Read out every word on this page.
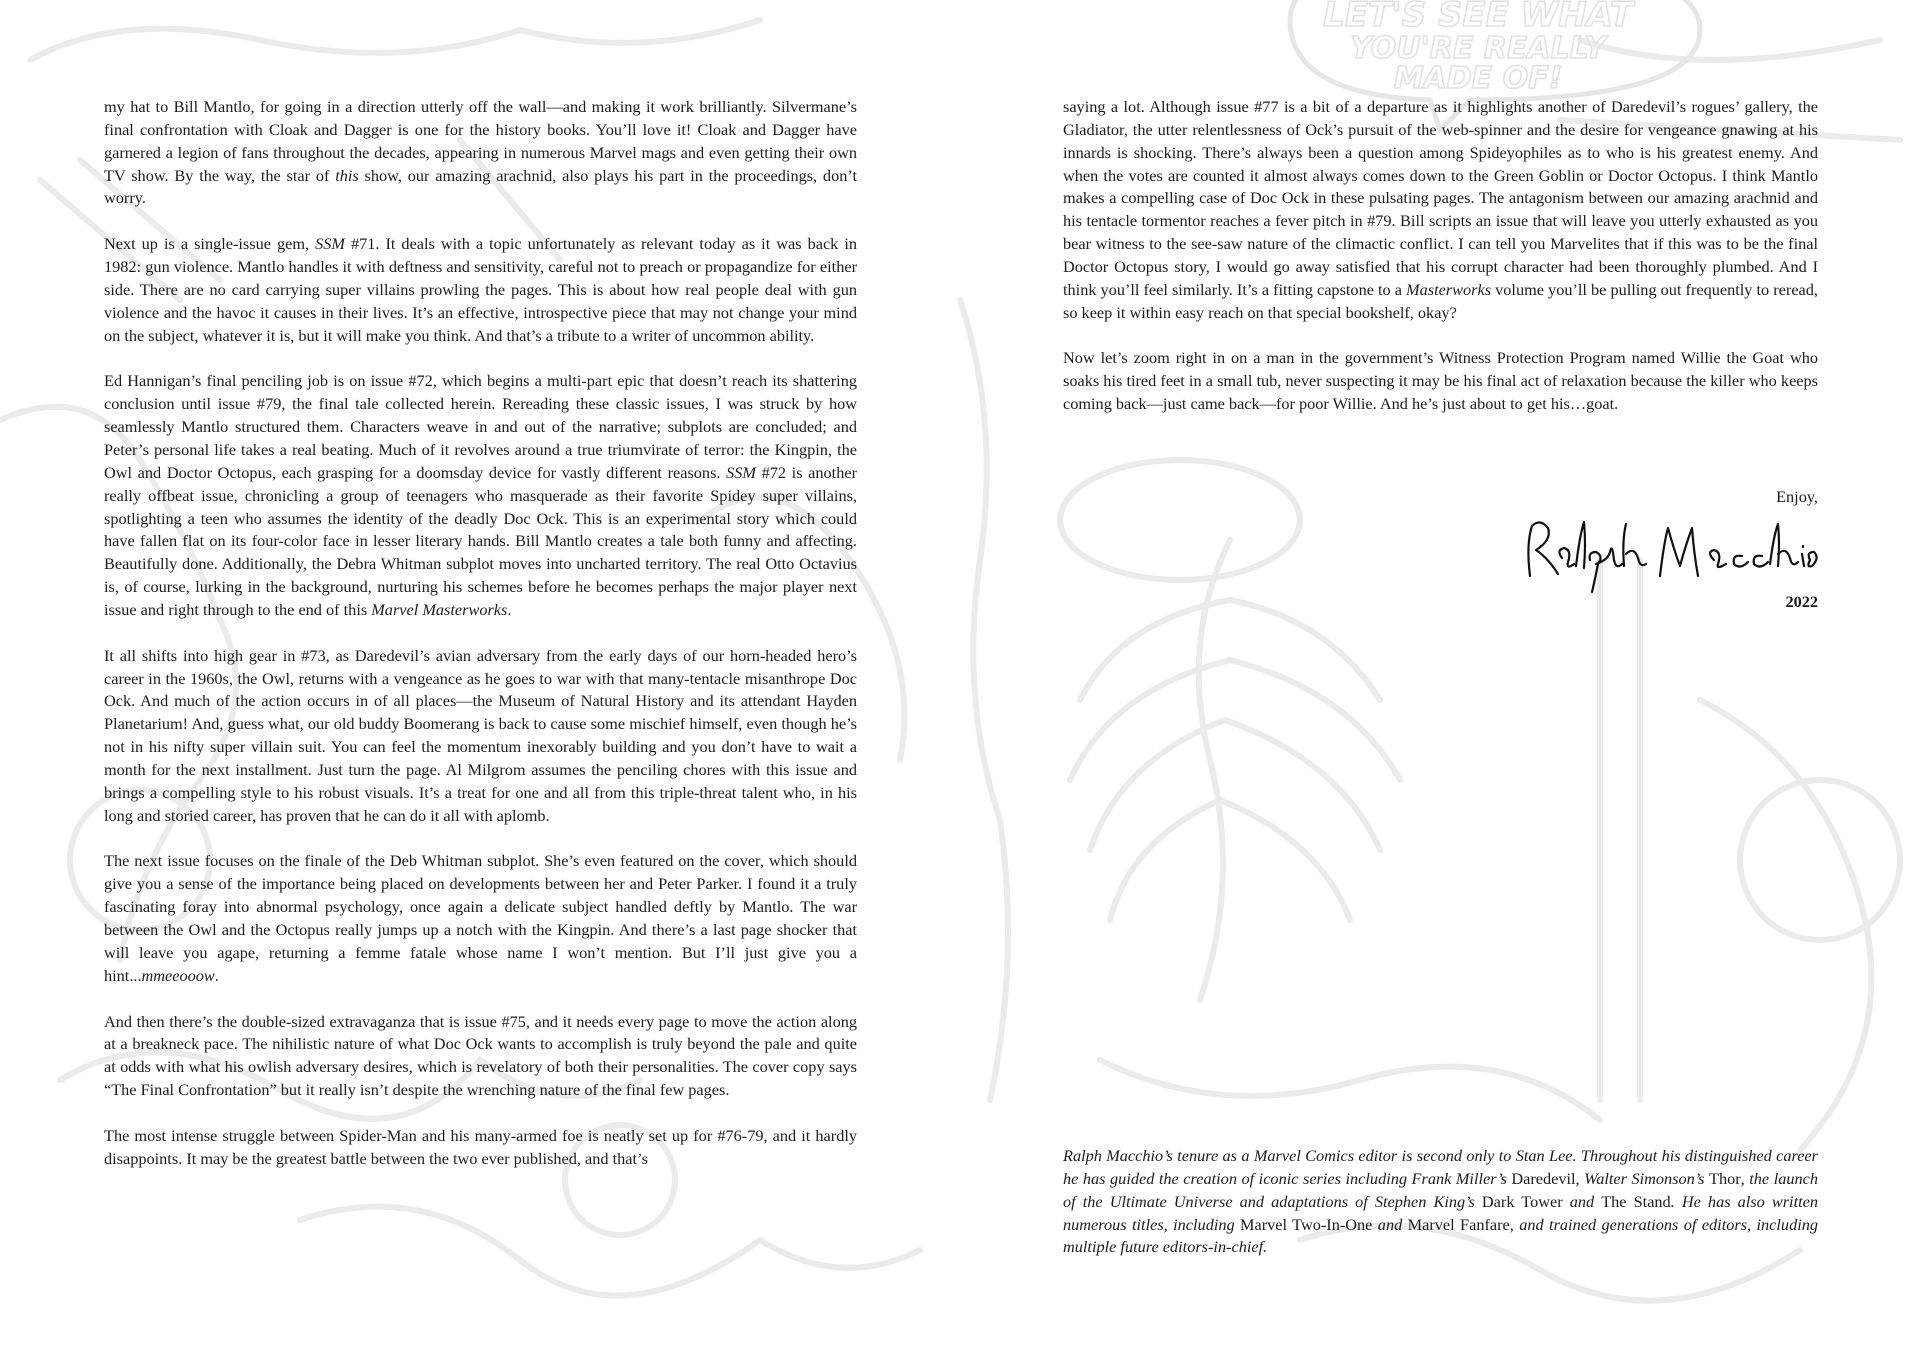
LET'S SEE WHAT
YOU'RE REALLY
MADE OF!

my hat to Bill Mantlo, for going in a direction utterly off the wall—and making it work brilliantly. Silvermane’s final confrontation with Cloak and Dagger is one for the history books. You’ll love it! Cloak and Dagger have garnered a legion of fans throughout the decades, appearing in numerous Marvel mags and even getting their own TV show. By the way, the star of this show, our amazing arachnid, also plays his part in the proceedings, don’t worry.

Next up is a single-issue gem, SSM #71. It deals with a topic unfortunately as relevant today as it was back in 1982: gun violence. Mantlo handles it with deftness and sensitivity, careful not to preach or propagandize for either side. There are no card carrying super villains prowling the pages. This is about how real people deal with gun violence and the havoc it causes in their lives. It’s an effective, introspective piece that may not change your mind on the subject, whatever it is, but it will make you think. And that’s a tribute to a writer of uncommon ability.

Ed Hannigan’s final penciling job is on issue #72, which begins a multi-part epic that doesn’t reach its shattering conclusion until issue #79, the final tale collected herein. Rereading these classic issues, I was struck by how seamlessly Mantlo structured them. Characters weave in and out of the narrative; subplots are concluded; and Peter’s personal life takes a real beating. Much of it revolves around a true triumvirate of terror: the Kingpin, the Owl and Doctor Octopus, each grasping for a doomsday device for vastly different reasons. SSM #72 is another really offbeat issue, chronicling a group of teenagers who masquerade as their favorite Spidey super villains, spotlighting a teen who assumes the identity of the deadly Doc Ock. This is an experimental story which could have fallen flat on its four-color face in lesser literary hands. Bill Mantlo creates a tale both funny and affecting. Beautifully done. Additionally, the Debra Whitman subplot moves into uncharted territory. The real Otto Octavius is, of course, lurking in the background, nurturing his schemes before he becomes perhaps the major player next issue and right through to the end of this Marvel Masterworks.

It all shifts into high gear in #73, as Daredevil’s avian adversary from the early days of our horn-headed hero’s career in the 1960s, the Owl, returns with a vengeance as he goes to war with that many-tentacle misanthrope Doc Ock. And much of the action occurs in of all places—the Museum of Natural History and its attendant Hayden Planetarium! And, guess what, our old buddy Boomerang is back to cause some mischief himself, even though he’s not in his nifty super villain suit. You can feel the momentum inexorably building and you don’t have to wait a month for the next installment. Just turn the page. Al Milgrom assumes the penciling chores with this issue and brings a compelling style to his robust visuals. It’s a treat for one and all from this triple-threat talent who, in his long and storied career, has proven that he can do it all with aplomb.

The next issue focuses on the finale of the Deb Whitman subplot. She’s even featured on the cover, which should give you a sense of the importance being placed on developments between her and Peter Parker. I found it a truly fascinating foray into abnormal psychology, once again a delicate subject handled deftly by Mantlo. The war between the Owl and the Octopus really jumps up a notch with the Kingpin. And there’s a last page shocker that will leave you agape, returning a femme fatale whose name I won’t mention. But I’ll just give you a hint...mmeeooow.

And then there’s the double-sized extravaganza that is issue #75, and it needs every page to move the action along at a breakneck pace. The nihilistic nature of what Doc Ock wants to accomplish is truly beyond the pale and quite at odds with what his owlish adversary desires, which is revelatory of both their personalities. The cover copy says “The Final Confrontation” but it really isn’t despite the wrenching nature of the final few pages.

The most intense struggle between Spider-Man and his many-armed foe is neatly set up for #76-79, and it hardly disappoints. It may be the greatest battle between the two ever published, and that’s

saying a lot. Although issue #77 is a bit of a departure as it highlights another of Daredevil’s rogues’ gallery, the Gladiator, the utter relentlessness of Ock’s pursuit of the web-spinner and the desire for vengeance gnawing at his innards is shocking. There’s always been a question among Spideyophiles as to who is his greatest enemy. And when the votes are counted it almost always comes down to the Green Goblin or Doctor Octopus. I think Mantlo makes a compelling case of Doc Ock in these pulsating pages. The antagonism between our amazing arachnid and his tentacle tormentor reaches a fever pitch in #79. Bill scripts an issue that will leave you utterly exhausted as you bear witness to the see-saw nature of the climactic conflict. I can tell you Marvelites that if this was to be the final Doctor Octopus story, I would go away satisfied that his corrupt character had been thoroughly plumbed. And I think you’ll feel similarly. It’s a fitting capstone to a Masterworks volume you’ll be pulling out frequently to reread, so keep it within easy reach on that special bookshelf, okay?

Now let’s zoom right in on a man in the government’s Witness Protection Program named Willie the Goat who soaks his tired feet in a small tub, never suspecting it may be his final act of relaxation because the killer who keeps coming back—just came back—for poor Willie. And he’s just about to get his…goat.

Enjoy,
2022

Ralph Macchio’s tenure as a Marvel Comics editor is second only to Stan Lee. Throughout his distinguished career he has guided the creation of iconic series including Frank Miller’s Daredevil, Walter Simonson’s Thor, the launch of the Ultimate Universe and adaptations of Stephen King’s Dark Tower and The Stand. He has also written numerous titles, including Marvel Two-In-One and Marvel Fanfare, and trained generations of editors, including multiple future editors-in-chief.
